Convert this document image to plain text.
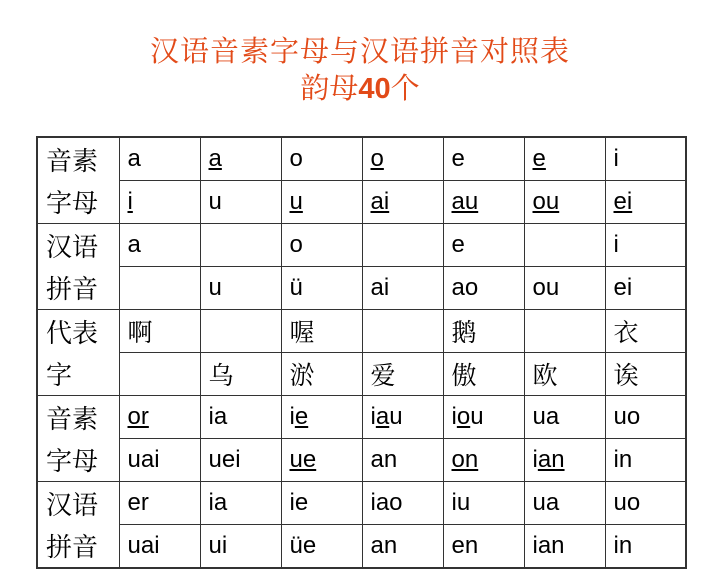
汉语音素字母与汉语拼音对照表
韵母40个
音素	a	a	o	o	e	e	i
字母	i	u	u	ai	au	ou	ei
汉语	a		o		e		i
拼音		u	ü	ai	ao	ou	ei
代表	啊		喔		鹅		衣
字		乌	淤	爱	傲	欧	诶
音素	or	ia	ie	iau	iou	ua	uo
字母	uai	uei	ue	an	on	ian	in
汉语	er	ia	ie	iao	iu	ua	uo
拼音	uai	ui	üe	an	en	ian	in
